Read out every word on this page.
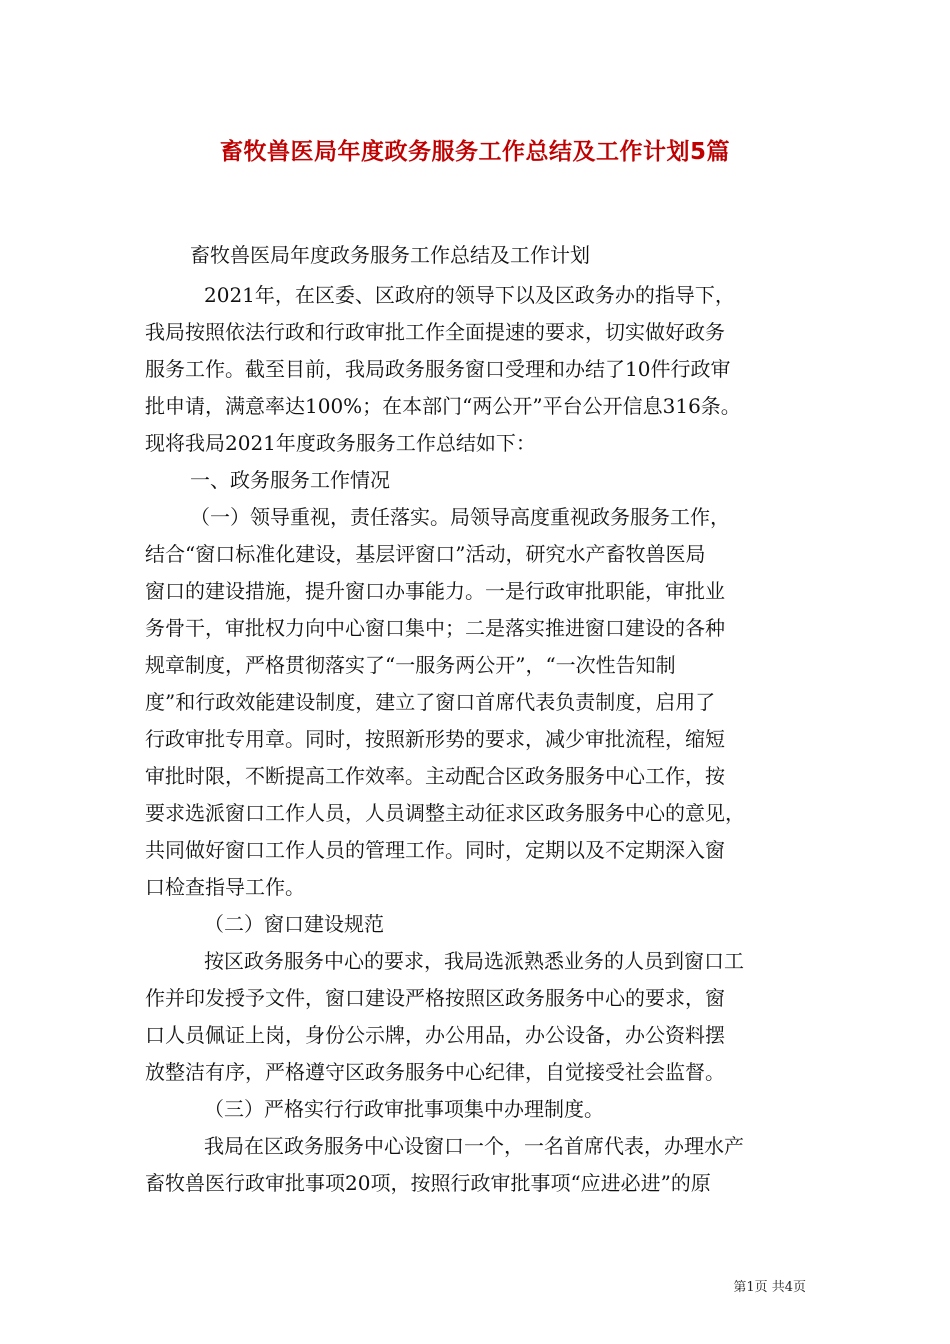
畜牧兽医局年度政务服务工作总结及工作计划5篇
畜牧兽医局年度政务服务工作总结及工作计划
2021年，在区委、区政府的领导下以及区政务办的指导下，
我局按照依法行政和行政审批工作全面提速的要求，切实做好政务
服务工作。截至目前，我局政务服务窗口受理和办结了10件行政审
批申请，满意率达100%；在本部门“两公开”平台公开信息316条。
现将我局2021年度政务服务工作总结如下：
一、政务服务工作情况
（一）领导重视，责任落实。局领导高度重视政务服务工作，
结合“窗口标准化建设，基层评窗口”活动，研究水产畜牧兽医局
窗口的建设措施，提升窗口办事能力。一是行政审批职能，审批业
务骨干，审批权力向中心窗口集中；二是落实推进窗口建设的各种
规章制度，严格贯彻落实了“一服务两公开”，“一次性告知制
度”和行政效能建设制度，建立了窗口首席代表负责制度，启用了
行政审批专用章。同时，按照新形势的要求，减少审批流程，缩短
审批时限，不断提高工作效率。主动配合区政务服务中心工作，按
要求选派窗口工作人员，人员调整主动征求区政务服务中心的意见，
共同做好窗口工作人员的管理工作。同时，定期以及不定期深入窗
口检查指导工作。
（二）窗口建设规范
按区政务服务中心的要求，我局选派熟悉业务的人员到窗口工
作并印发授予文件，窗口建设严格按照区政务服务中心的要求，窗
口人员佩证上岗，身份公示牌，办公用品，办公设备，办公资料摆
放整洁有序，严格遵守区政务服务中心纪律，自觉接受社会监督。
（三）严格实行行政审批事项集中办理制度。
我局在区政务服务中心设窗口一个，一名首席代表，办理水产
畜牧兽医行政审批事项20项，按照行政审批事项“应进必进”的原
第1页 共4页
